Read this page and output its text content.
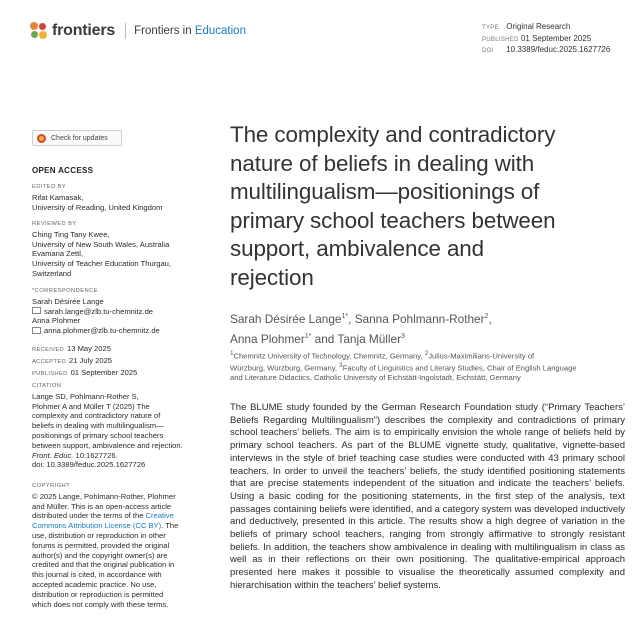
frontiers Frontiers in Education	TYPE Original Research
PUBLISHED 01 September 2025
DOI 10.3389/feduc.2025.1627726
Check for updates
OPEN ACCESS
EDITED BY
Rifat Kamasak,
University of Reading, United Kingdom
REVIEWED BY
Ching Ting Tany Kwee,
University of New South Wales, Australia
Evamaria Zettl,
University of Teacher Education Thurgau,
Switzerland
*CORRESPONDENCE
Sarah Désirée Lange
sarah.lange@zlb.tu-chemnitz.de
Anna Plohmer
anna.plohmer@zlb.tu-chemnitz.de
RECEIVED 13 May 2025
ACCEPTED 21 July 2025
PUBLISHED 01 September 2025
CITATION
Lange SD, Pohlmann-Rother S,
Plohmer A and Müller T (2025) The
complexity and contradictory nature of
beliefs in dealing with multilingualism—
positionings of primary school teachers
between support, ambivalence and rejection.
Front. Educ. 10:1627726.
doi: 10.3389/feduc.2025.1627726
COPYRIGHT
© 2025 Lange, Pohlmann-Rother, Plohmer
and Müller. This is an open-access article
distributed under the terms of the Creative
Commons Attribution License (CC BY). The
use, distribution or reproduction in other
forums is permitted, provided the original
author(s) and the copyright owner(s) are
credited and that the original publication in
this journal is cited, in accordance with
accepted academic practice. No use,
distribution or reproduction is permitted
which does not comply with these terms.
The complexity and contradictory
nature of beliefs in dealing with
multilingualism—positionings of
primary school teachers between
support, ambivalence and
rejection
Sarah Désirée Lange$^{1*}$, Sanna Pohlmann-Rother$^2$,
Anna Plohmer$^{1*}$ and Tanja Müller$^3$
$^1$Chemnitz University of Technology, Chemnitz, Germany, $^2$Julius-Maximilians-University of
Würzburg, Würzburg, Germany, $^3$Faculty of Linguistics and Literary Studies, Chair of English Language
and Literature Didactics, Catholic University of Eichstätt-Ingolstadt, Eichstätt, Germany
The BLUME study founded by the German Research Foundation study (“Primary Teachers’ Beliefs Regarding Multilingualism”) describes the complexity and contradictions of primary school teachers’ beliefs. The aim is to empirically envision the whole range of beliefs held by primary school teachers. As part of the BLUME vignette study, qualitative, vignette-based interviews in the style of brief teaching case studies were conducted with 43 primary school teachers. In order to unveil the teachers’ beliefs, the study identified positioning statements that are precise statements independent of the situation and indicate the teachers’ beliefs. Using a basic coding for the positioning statements, in the first step of the analysis, text passages containing beliefs were identified, and a category system was developed inductively and deductively, presented in this article. The results show a high degree of variation in the beliefs of primary school teachers, ranging from strongly affirmative to strongly resistant beliefs. In addition, the teachers show ambivalence in dealing with multilingualism in class as well as in their reflections on their own positioning. The qualitative-empirical approach presented here makes it possible to visualise the theoretically assumed complexity and hierarchisation within the teachers’ belief systems.
